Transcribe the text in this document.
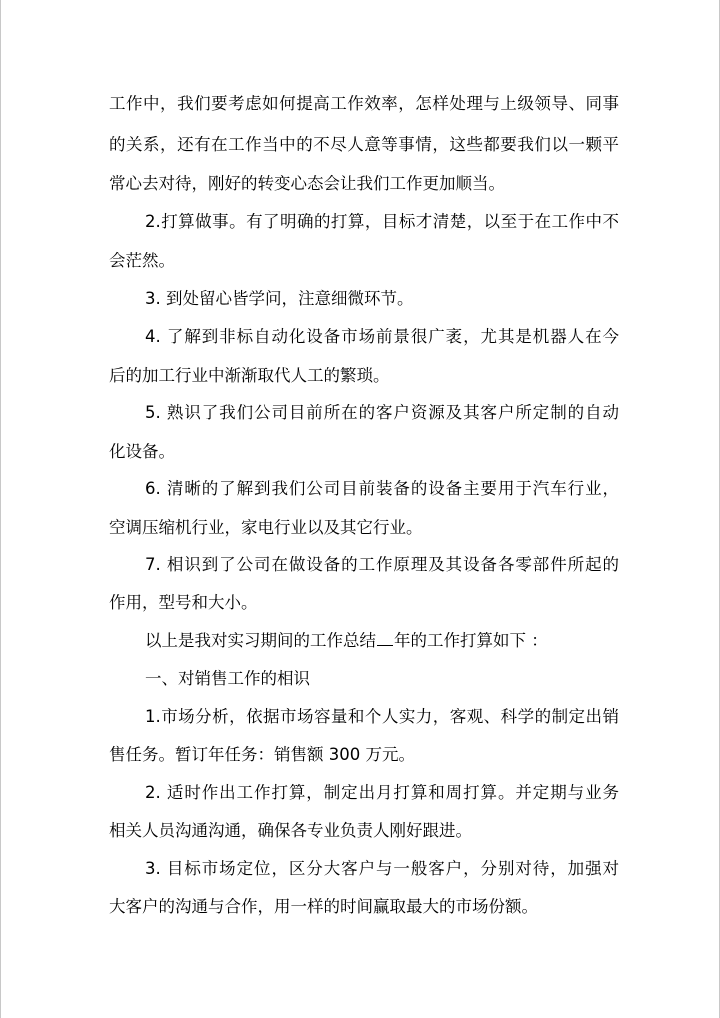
工作中，我们要考虑如何提高工作效率，怎样处理与上级领导、同事
的关系，还有在工作当中的不尽人意等事情，这些都要我们以一颗平
常心去对待，刚好的转变心态会让我们工作更加顺当。
2.打算做事。有了明确的打算，目标才清楚，以至于在工作中不
会茫然。
3. 到处留心皆学问，注意细微环节。
4. 了解到非标自动化设备市场前景很广袤，尤其是机器人在今
后的加工行业中渐渐取代人工的繁琐。
5. 熟识了我们公司目前所在的客户资源及其客户所定制的自动
化设备。
6. 清晰的了解到我们公司目前装备的设备主要用于汽车行业，
空调压缩机行业，家电行业以及其它行业。
7. 相识到了公司在做设备的工作原理及其设备各零部件所起的
作用，型号和大小。
以上是我对实习期间的工作总结 年的工作打算如下 ：
一、对销售工作的相识
1.市场分析，依据市场容量和个人实力，客观、科学的制定出销
售任务。暂订年任务：销售额 300 万元。
2. 适时作出工作打算，制定出月打算和周打算。并定期与业务
相关人员沟通沟通，确保各专业负责人刚好跟进。
3. 目标市场定位，区分大客户与一般客户，分别对待，加强对
大客户的沟通与合作，用一样的时间赢取最大的市场份额。
